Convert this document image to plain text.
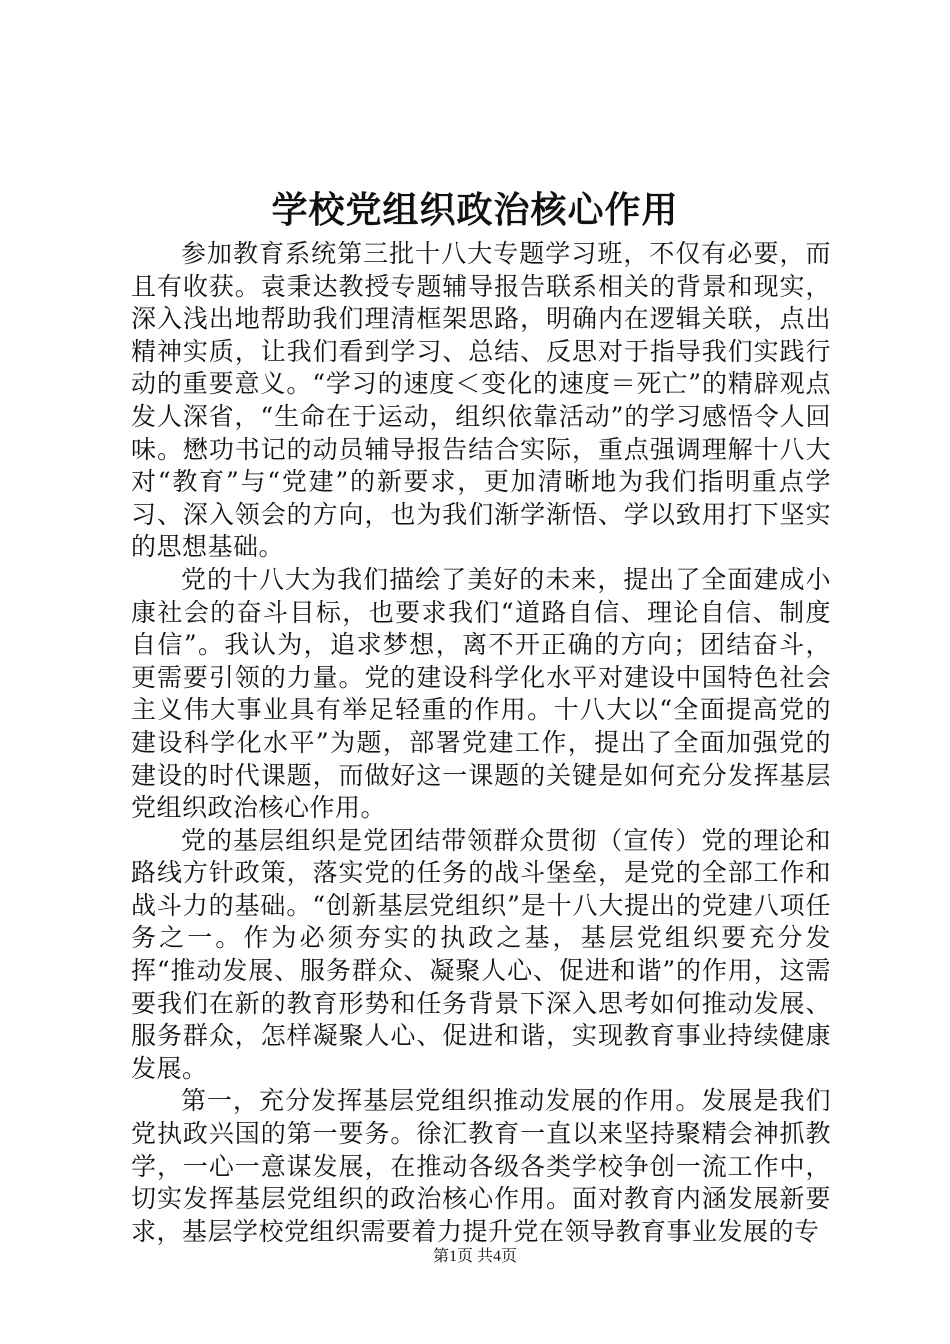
学校党组织政治核心作用

参加教育系统第三批十八大专题学习班，不仅有必要，而且有收获。袁秉达教授专题辅导报告联系相关的背景和现实，深入浅出地帮助我们理清框架思路，明确内在逻辑关联，点出精神实质，让我们看到学习、总结、反思对于指导我们实践行动的重要意义。“学习的速度＜变化的速度＝死亡”的精辟观点发人深省，“生命在于运动，组织依靠活动”的学习感悟令人回味。懋功书记的动员辅导报告结合实际，重点强调理解十八大对“教育”与“党建”的新要求，更加清晰地为我们指明重点学习、深入领会的方向，也为我们渐学渐悟、学以致用打下坚实的思想基础。

党的十八大为我们描绘了美好的未来，提出了全面建成小康社会的奋斗目标，也要求我们“道路自信、理论自信、制度自信”。我认为，追求梦想，离不开正确的方向；团结奋斗，更需要引领的力量。党的建设科学化水平对建设中国特色社会主义伟大事业具有举足轻重的作用。十八大以“全面提高党的建设科学化水平”为题，部署党建工作，提出了全面加强党的建设的时代课题，而做好这一课题的关键是如何充分发挥基层党组织政治核心作用。

党的基层组织是党团结带领群众贯彻（宣传）党的理论和路线方针政策，落实党的任务的战斗堡垒，是党的全部工作和战斗力的基础。“创新基层党组织”是十八大提出的党建八项任务之一。作为必须夯实的执政之基，基层党组织要充分发挥“推动发展、服务群众、凝聚人心、促进和谐”的作用，这需要我们在新的教育形势和任务背景下深入思考如何推动发展、服务群众，怎样凝聚人心、促进和谐，实现教育事业持续健康发展。

第一，充分发挥基层党组织推动发展的作用。发展是我们党执政兴国的第一要务。徐汇教育一直以来坚持聚精会神抓教学，一心一意谋发展，在推动各级各类学校争创一流工作中，切实发挥基层党组织的政治核心作用。面对教育内涵发展新要求，基层学校党组织需要着力提升党在领导教育事业发展的专

第1页 共4页
